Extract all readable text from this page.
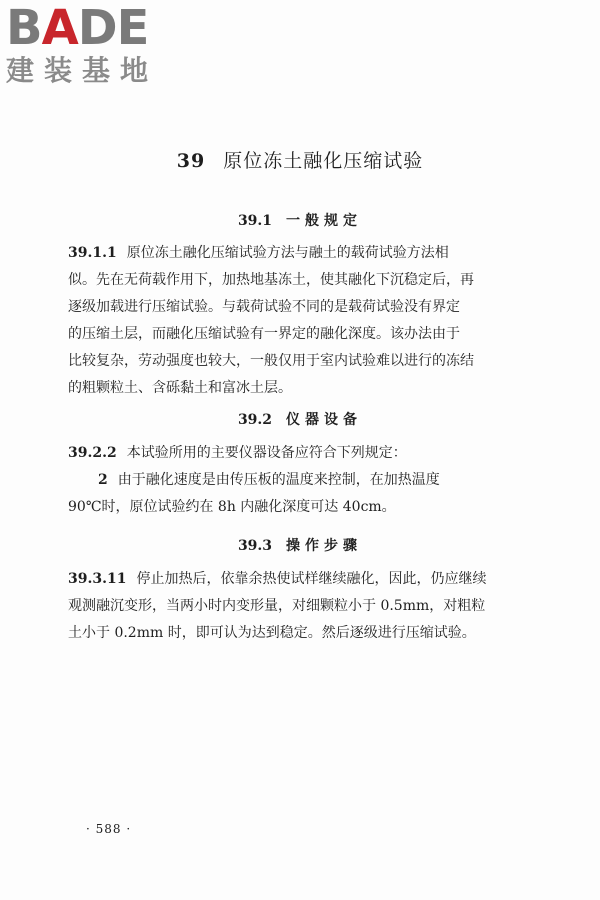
B A DE
建装基地
39 原位冻土融化压缩试验
39.1 一般规定
39.1.1 原位冻土融化压缩试验方法与融土的载荷试验方法相
似。先在无荷载作用下，加热地基冻土，使其融化下沉稳定后，再
逐级加载进行压缩试验。与载荷试验不同的是载荷试验没有界定
的压缩土层，而融化压缩试验有一界定的融化深度。该办法由于
比较复杂，劳动强度也较大，一般仅用于室内试验难以进行的冻结
的粗颗粒土、含砾黏土和富冰土层。
39.2 仪器设备
39.2.2 本试验所用的主要仪器设备应符合下列规定：
2 由于融化速度是由传压板的温度来控制，在加热温度
90℃时，原位试验约在 8h 内融化深度可达 40cm。
39.3 操作步骤
39.3.11 停止加热后，依靠余热使试样继续融化，因此，仍应继续
观测融沉变形，当两小时内变形量，对细颗粒小于 0.5mm，对粗粒
土小于 0.2mm 时，即可认为达到稳定。然后逐级进行压缩试验。
· 588 ·
